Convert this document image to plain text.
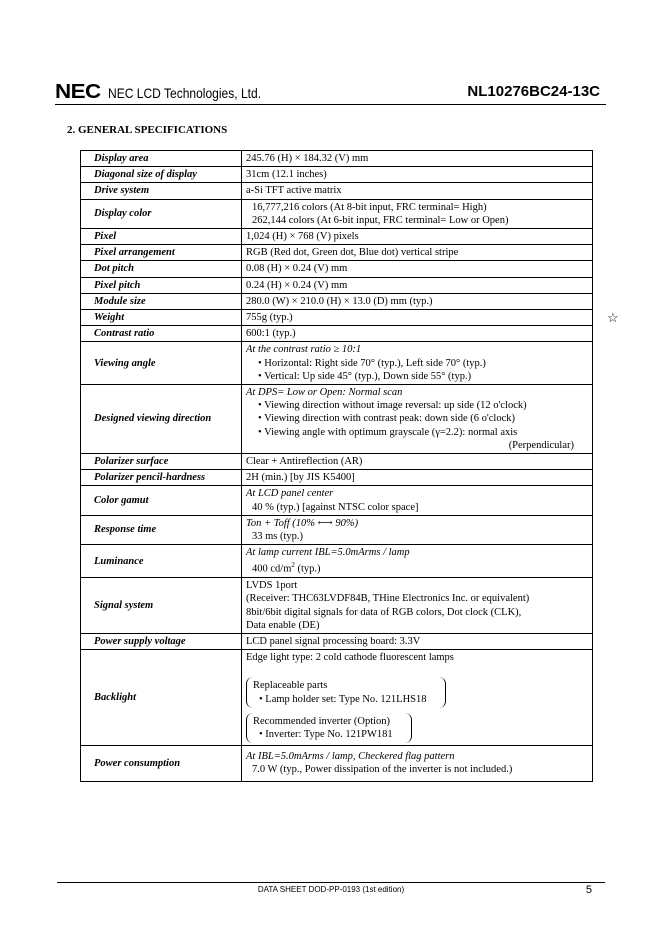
NEC NEC LCD Technologies, Ltd.	NL10276BC24-13C
2. GENERAL SPECIFICATIONS
Display area	245.76 (H) × 184.32 (V) mm
Diagonal size of display	31cm (12.1 inches)
Drive system	a-Si TFT active matrix
Display color	16,777,216 colors (At 8-bit input, FRC terminal= High)
262,144 colors (At 6-bit input, FRC terminal= Low or Open)

Pixel	1,024 (H) × 768 (V) pixels
Pixel arrangement	RGB (Red dot, Green dot, Blue dot) vertical stripe
Dot pitch	0.08 (H) × 0.24 (V) mm
Pixel pitch	0.24 (H) × 0.24 (V) mm
Module size	280.0 (W) × 210.0 (H) × 13.0 (D) mm (typ.)
Weight	755g (typ.)
Contrast ratio	600:1 (typ.)
Viewing angle	At the contrast ratio ≥ 10:1
• Horizontal: Right side 70° (typ.), Left side 70° (typ.)
• Vertical: Up side 45° (typ.), Down side 55° (typ.)

Designed viewing direction	At DPS= Low or Open: Normal scan
• Viewing direction without image reversal: up side (12 o'clock)
• Viewing direction with contrast peak: down side (6 o'clock)
• Viewing angle with optimum grayscale (γ=2.2): normal axis
(Perpendicular)

Polarizer surface	Clear + Antireflection (AR)
Polarizer pencil-hardness	2H (min.) [by JIS K5400]
Color gamut	At LCD panel center
40 % (typ.) [against NTSC color space]

Response time	Ton + Toff (10% ⟷ 90%)
33 ms (typ.)

Luminance	At lamp current IBL=5.0mArms / lamp
400 $cd/m^2$ (typ.)

Signal system	LVDS 1port
(Receiver: THC63LVDF84B, THine Electronics Inc. or equivalent)
8bit/6bit digital signals for data of RGB colors, Dot clock (CLK),
Data enable (DE)

Power supply voltage	LCD panel signal processing board: 3.3V
Backlight	Edge light type: 2 cold cathode fluorescent lamps
Replaceable parts
• Lamp holder set: Type No. 121LHS18

Recommended inverter (Option)
• Inverter: Type No. 121PW181

Power consumption	At IBL=5.0mArms / lamp, Checkered flag pattern
7.0 W (typ., Power dissipation of the inverter is not included.)
☆
DATA SHEET DOD-PP-0193 (1st edition)	5
